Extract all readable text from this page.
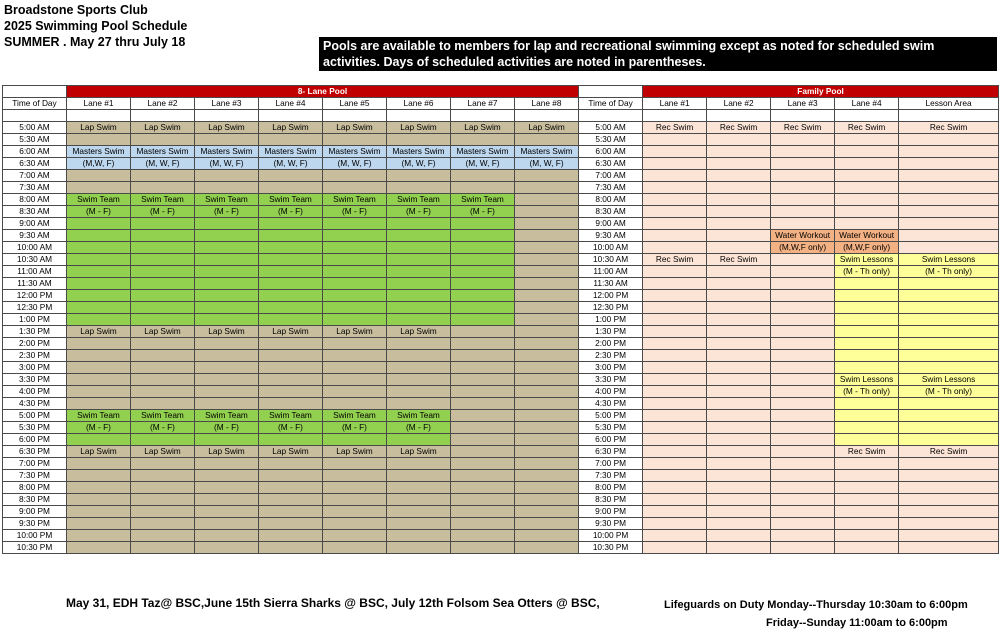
Broadstone Sports Club
2025 Swimming Pool Schedule
SUMMER . May 27 thru July 18	Pools are available to members for lap and recreational swimming except as noted for scheduled swim activities. Days of scheduled activities are noted in parentheses.
	8- Lane Pool									Family Pool				
Time of Day	Lane #1	Lane #2	Lane #3	Lane #4	Lane #5	Lane #6	Lane #7	Lane #8	Time of Day	Lane #1	Lane #2	Lane #3	Lane #4	Lesson Area

5:00 AM	Lap Swim	Lap Swim	Lap Swim	Lap Swim	Lap Swim	Lap Swim	Lap Swim	Lap Swim	5:00 AM	Rec Swim	Rec Swim	Rec Swim	Rec Swim	Rec Swim
5:30 AM									5:30 AM					
6:00 AM	Masters Swim	Masters Swim	Masters Swim	Masters Swim	Masters Swim	Masters Swim	Masters Swim	Masters Swim	6:00 AM					
6:30 AM	(M,W, F)	(M, W, F)	(M, W, F)	(M, W, F)	(M, W, F)	(M, W, F)	(M, W, F)	(M, W, F)	6:30 AM					
7:00 AM									7:00 AM					
7:30 AM									7:30 AM					
8:00 AM	Swim Team	Swim Team	Swim Team	Swim Team	Swim Team	Swim Team	Swim Team		8:00 AM					
8:30 AM	(M - F)	(M - F)	(M - F)	(M - F)	(M - F)	(M - F)	(M - F)		8:30 AM					
9:00 AM									9:00 AM					
9:30 AM									9:30 AM			Water Workout	Water Workout	
10:00 AM									10:00 AM			(M,W,F only)	(M,W,F only)	
10:30 AM									10:30 AM	Rec Swim	Rec Swim		Swim Lessons	Swim Lessons
11:00 AM									11:00 AM				(M - Th only)	(M - Th only)
11:30 AM									11:30 AM					
12:00 PM									12:00 PM					
12:30 PM									12:30 PM					
1:00 PM									1:00 PM					
1:30 PM	Lap Swim	Lap Swim	Lap Swim	Lap Swim	Lap Swim	Lap Swim			1:30 PM					
2:00 PM									2:00 PM					
2:30 PM									2:30 PM					
3:00 PM									3:00 PM					
3:30 PM									3:30 PM				Swim Lessons	Swim Lessons
4:00 PM									4:00 PM				(M - Th only)	(M - Th only)
4:30 PM									4:30 PM					
5:00 PM	Swim Team	Swim Team	Swim Team	Swim Team	Swim Team	Swim Team			5:00 PM					
5:30 PM	(M - F)	(M - F)	(M - F)	(M - F)	(M - F)	(M - F)			5:30 PM					
6:00 PM									6:00 PM					
6:30 PM	Lap Swim	Lap Swim	Lap Swim	Lap Swim	Lap Swim	Lap Swim			6:30 PM				Rec Swim	Rec Swim
7:00 PM									7:00 PM					
7:30 PM									7:30 PM					
8:00 PM									8:00 PM					
8:30 PM									8:30 PM					
9:00 PM									9:00 PM					
9:30 PM									9:30 PM					
10:00 PM									10:00 PM					
10:30 PM									10:30 PM					
May 31, EDH Taz@ BSC,June 15th Sierra Sharks @ BSC, July 12th Folsom Sea Otters @ BSC,	Lifeguards on Duty Monday--Thursday 10:30am to 6:00pm
Friday--Sunday 11:00am to 6:00pm
